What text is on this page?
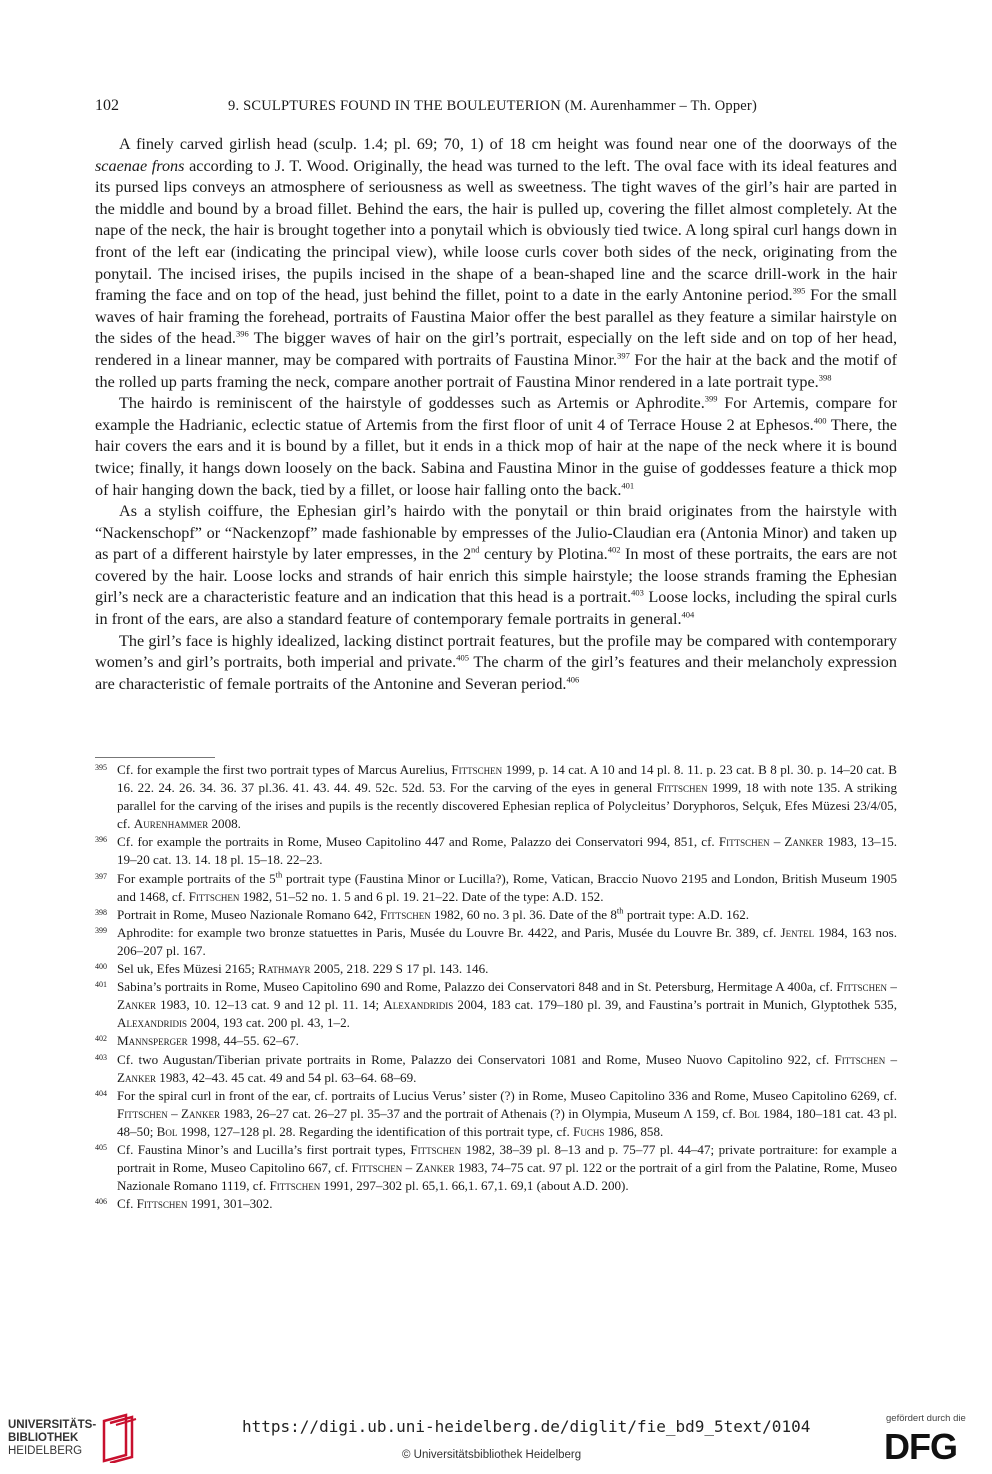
102	9. SCULPTURES FOUND IN THE BOULEUTERION (M. Aurenhammer – Th. Opper)

A finely carved girlish head (sculp. 1.4; pl. 69; 70, 1) of 18 cm height was found near one of the doorways of the scaenae frons according to J. T. Wood. Originally, the head was turned to the left. The oval face with its ideal features and its pursed lips conveys an atmosphere of seriousness as well as sweetness. The tight waves of the girl’s hair are parted in the middle and bound by a broad fillet. Behind the ears, the hair is pulled up, covering the fillet almost completely. At the nape of the neck, the hair is brought together into a ponytail which is obviously tied twice. A long spiral curl hangs down in front of the left ear (indicating the principal view), while loose curls cover both sides of the neck, originating from the ponytail. The incised irises, the pupils incised in the shape of a bean-shaped line and the scarce drill-work in the hair framing the face and on top of the head, just behind the fillet, point to a date in the early Antonine period.$^{395}$ For the small waves of hair framing the forehead, portraits of Faustina Maior offer the best parallel as they feature a similar hairstyle on the sides of the head.$^{396}$ The bigger waves of hair on the girl’s portrait, especially on the left side and on top of her head, rendered in a linear manner, may be compared with portraits of Faustina Minor.$^{397}$ For the hair at the back and the motif of the rolled up parts framing the neck, compare another portrait of Faustina Minor rendered in a late portrait type.$^{398}$

The hairdo is reminiscent of the hairstyle of goddesses such as Artemis or Aphrodite.$^{399}$ For Artemis, compare for example the Hadrianic, eclectic statue of Artemis from the first floor of unit 4 of Terrace House 2 at Ephesos.$^{400}$ There, the hair covers the ears and it is bound by a fillet, but it ends in a thick mop of hair at the nape of the neck where it is bound twice; finally, it hangs down loosely on the back. Sabina and Faustina Minor in the guise of goddesses feature a thick mop of hair hanging down the back, tied by a fillet, or loose hair falling onto the back.$^{401}$

As a stylish coiffure, the Ephesian girl’s hairdo with the ponytail or thin braid originates from the hairstyle with “Nackenschopf” or “Nackenzopf” made fashionable by empresses of the Julio-Claudian era (Antonia Minor) and taken up as part of a different hairstyle by later empresses, in the 2nd century by Plotina.$^{402}$ In most of these portraits, the ears are not covered by the hair. Loose locks and strands of hair enrich this simple hairstyle; the loose strands framing the Ephesian girl’s neck are a characteristic feature and an indication that this head is a portrait.$^{403}$ Loose locks, including the spiral curls in front of the ears, are also a standard feature of contemporary female portraits in general.$^{404}$

The girl’s face is highly idealized, lacking distinct portrait features, but the profile may be compared with contemporary women’s and girl’s portraits, both imperial and private.$^{405}$ The charm of the girl’s features and their melancholy expression are characteristic of female portraits of the Antonine and Severan period.$^{406}$

395 Cf. for example the first two portrait types of Marcus Aurelius, Fittschen 1999, p. 14 cat. A 10 and 14 pl. 8. 11. p. 23 cat. B 8 pl. 30. p. 14–20 cat. B 16. 22. 24. 26. 34. 36. 37 pl.36. 41. 43. 44. 49. 52c. 52d. 53. For the carving of the eyes in general Fittschen 1999, 18 with note 135. A striking parallel for the carving of the irises and pupils is the recently discovered Ephesian replica of Polycleitus’ Doryphoros, Selçuk, Efes Müzesi 23/4/05, cf. Aurenhammer 2008.

396 Cf. for example the portraits in Rome, Museo Capitolino 447 and Rome, Palazzo dei Conservatori 994, 851, cf. Fittschen – Zanker 1983, 13–15. 19–20 cat. 13. 14. 18 pl. 15–18. 22–23.

397 For example portraits of the 5th portrait type (Faustina Minor or Lucilla?), Rome, Vatican, Braccio Nuovo 2195 and London, British Museum 1905 and 1468, cf. Fittschen 1982, 51–52 no. 1. 5 and 6 pl. 19. 21–22. Date of the type: A.D. 152.

398 Portrait in Rome, Museo Nazionale Romano 642, Fittschen 1982, 60 no. 3 pl. 36. Date of the 8th portrait type: A.D. 162.

399 Aphrodite: for example two bronze statuettes in Paris, Musée du Louvre Br. 4422, and Paris, Musée du Louvre Br. 389, cf. Jentel 1984, 163 nos. 206–207 pl. 167.

400 Sel uk, Efes Müzesi 2165; Rathmayr 2005, 218. 229 S 17 pl. 143. 146.

401 Sabina’s portraits in Rome, Museo Capitolino 690 and Rome, Palazzo dei Conservatori 848 and in St. Petersburg, Hermitage A 400a, cf. Fittschen – Zanker 1983, 10. 12–13 cat. 9 and 12 pl. 11. 14; Alexandridis 2004, 183 cat. 179–180 pl. 39, and Faustina’s portrait in Munich, Glyptothek 535, Alexandridis 2004, 193 cat. 200 pl. 43, 1–2.

402 Mannsperger 1998, 44–55. 62–67.

403 Cf. two Augustan/Tiberian private portraits in Rome, Palazzo dei Conservatori 1081 and Rome, Museo Nuovo Capitolino 922, cf. Fittschen – Zanker 1983, 42–43. 45 cat. 49 and 54 pl. 63–64. 68–69.

404 For the spiral curl in front of the ear, cf. portraits of Lucius Verus’ sister (?) in Rome, Museo Capitolino 336 and Rome, Museo Capitolino 6269, cf. Fittschen – Zanker 1983, 26–27 cat. 26–27 pl. 35–37 and the portrait of Athenais (?) in Olympia, Museum Λ 159, cf. Bol 1984, 180–181 cat. 43 pl. 48–50; Bol 1998, 127–128 pl. 28. Regarding the identification of this portrait type, cf. Fuchs 1986, 858.

405 Cf. Faustina Minor’s and Lucilla’s first portrait types, Fittschen 1982, 38–39 pl. 8–13 and p. 75–77 pl. 44–47; private portraiture: for example a portrait in Rome, Museo Capitolino 667, cf. Fittschen – Zanker 1983, 74–75 cat. 97 pl. 122 or the portrait of a girl from the Palatine, Rome, Museo Nazionale Romano 1119, cf. Fittschen 1991, 297–302 pl. 65,1. 66,1. 67,1. 69,1 (about A.D. 200).

406 Cf. Fittschen 1991, 301–302.

UNIVERSITÄTS-
BIBLIOTHEK
HEIDELBERG
https://digi.ub.uni-heidelberg.de/diglit/fie_bd9_5text/0104
© Universitätsbibliothek Heidelberg
gefördert durch die
DFG
